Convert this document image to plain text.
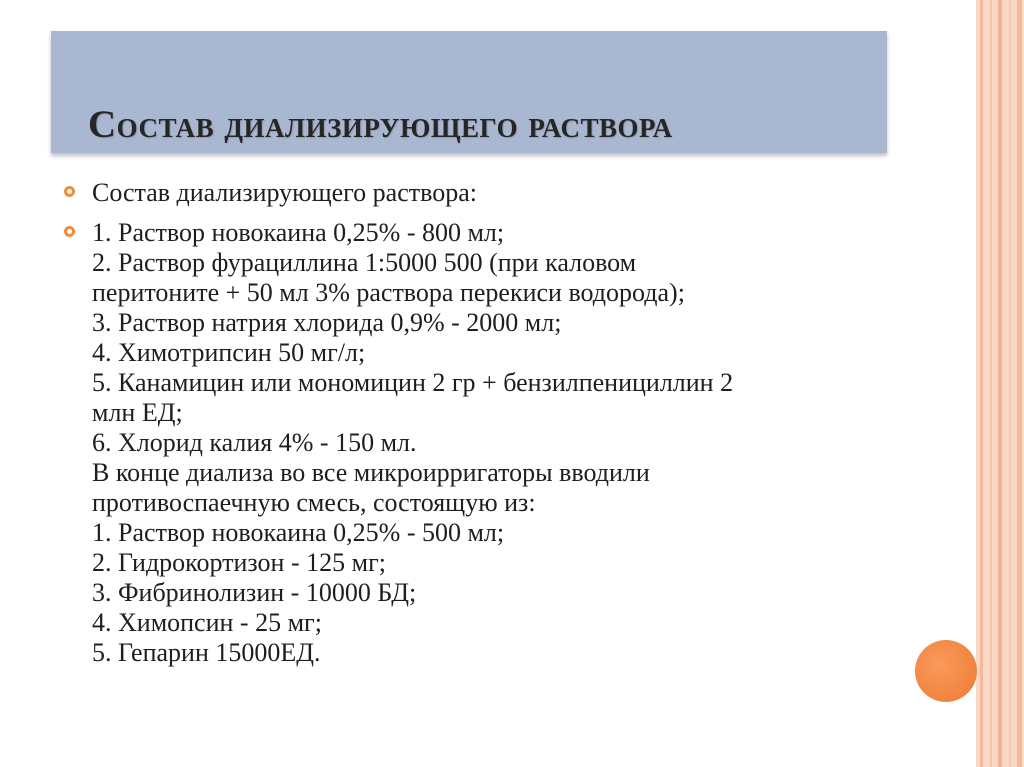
Состав диализирующего раствора
Состав диализирующего раствора:
1. Раствор новокаина 0,25% - 800 мл;
2. Раствор фурациллина 1:5000 500 (при каловом
перитоните + 50 мл 3% раствора перекиси водорода);
3. Раствор натрия хлорида 0,9% - 2000 мл;
4. Химотрипсин 50 мг/л;
5. Канамицин или мономицин 2 гр + бензилпенициллин 2
млн ЕД;
6. Хлорид калия 4% - 150 мл.
В конце диализа во все микроирригаторы вводили
противоспаечную смесь, состоящую из:
1. Раствор новокаина 0,25% - 500 мл;
2. Гидрокортизон - 125 мг;
3. Фибринолизин - 10000 БД;
4. Химопсин - 25 мг;
5. Гепарин 15000ЕД.
